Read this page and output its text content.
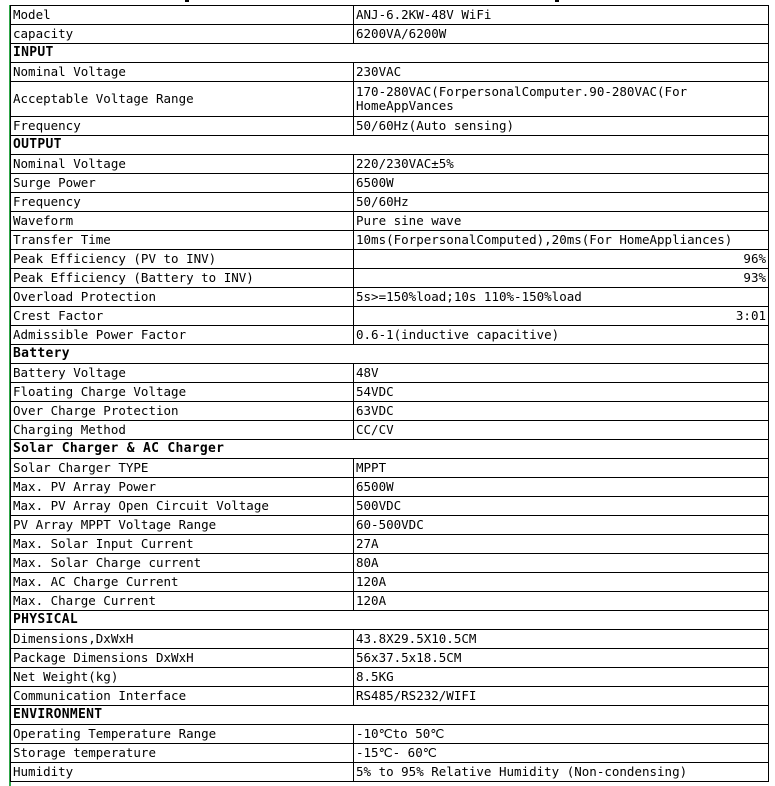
Model	ANJ-6.2KW-48V WiFi
capacity	6200VA/6200W
INPUT	
Nominal Voltage	230VAC
Acceptable Voltage Range	170-280VAC(ForpersonalComputer.90-280VAC(For HomeAppVances
Frequency	50/60Hz(Auto sensing)
OUTPUT	
Nominal Voltage	220/230VAC±5%
Surge Power	6500W
Frequency	50/60Hz
Waveform	Pure sine wave
Transfer Time	10ms(ForpersonalComputed),20ms(For HomeAppliances)
Peak Efficiency (PV to INV)	96%
Peak Efficiency (Battery to INV)	93%
Overload Protection	5s>=150%load;10s 110%-150%load
Crest Factor	3:01
Admissible Power Factor	0.6-1(inductive capacitive)
Battery	
Battery Voltage	48V
Floating Charge Voltage	54VDC
Over Charge Protection	63VDC
Charging Method	CC/CV
Solar Charger & AC Charger	
Solar Charger TYPE	MPPT
Max. PV Array Power	6500W
Max. PV Array Open Circuit Voltage	500VDC
PV Array MPPT Voltage Range	60-500VDC
Max. Solar Input Current	27A
Max. Solar Charge current	80A
Max. AC Charge Current	120A
Max. Charge Current	120A
PHYSICAL	
Dimensions,DxWxH	43.8X29.5X10.5CM
Package Dimensions DxWxH	56x37.5x18.5CM
Net Weight(kg)	8.5KG
Communication Interface	RS485/RS232/WIFI
ENVIRONMENT	
Operating Temperature Range	-10℃to 50℃
Storage temperature	-15℃- 60℃
Humidity	5% to 95% Relative Humidity (Non-condensing)
